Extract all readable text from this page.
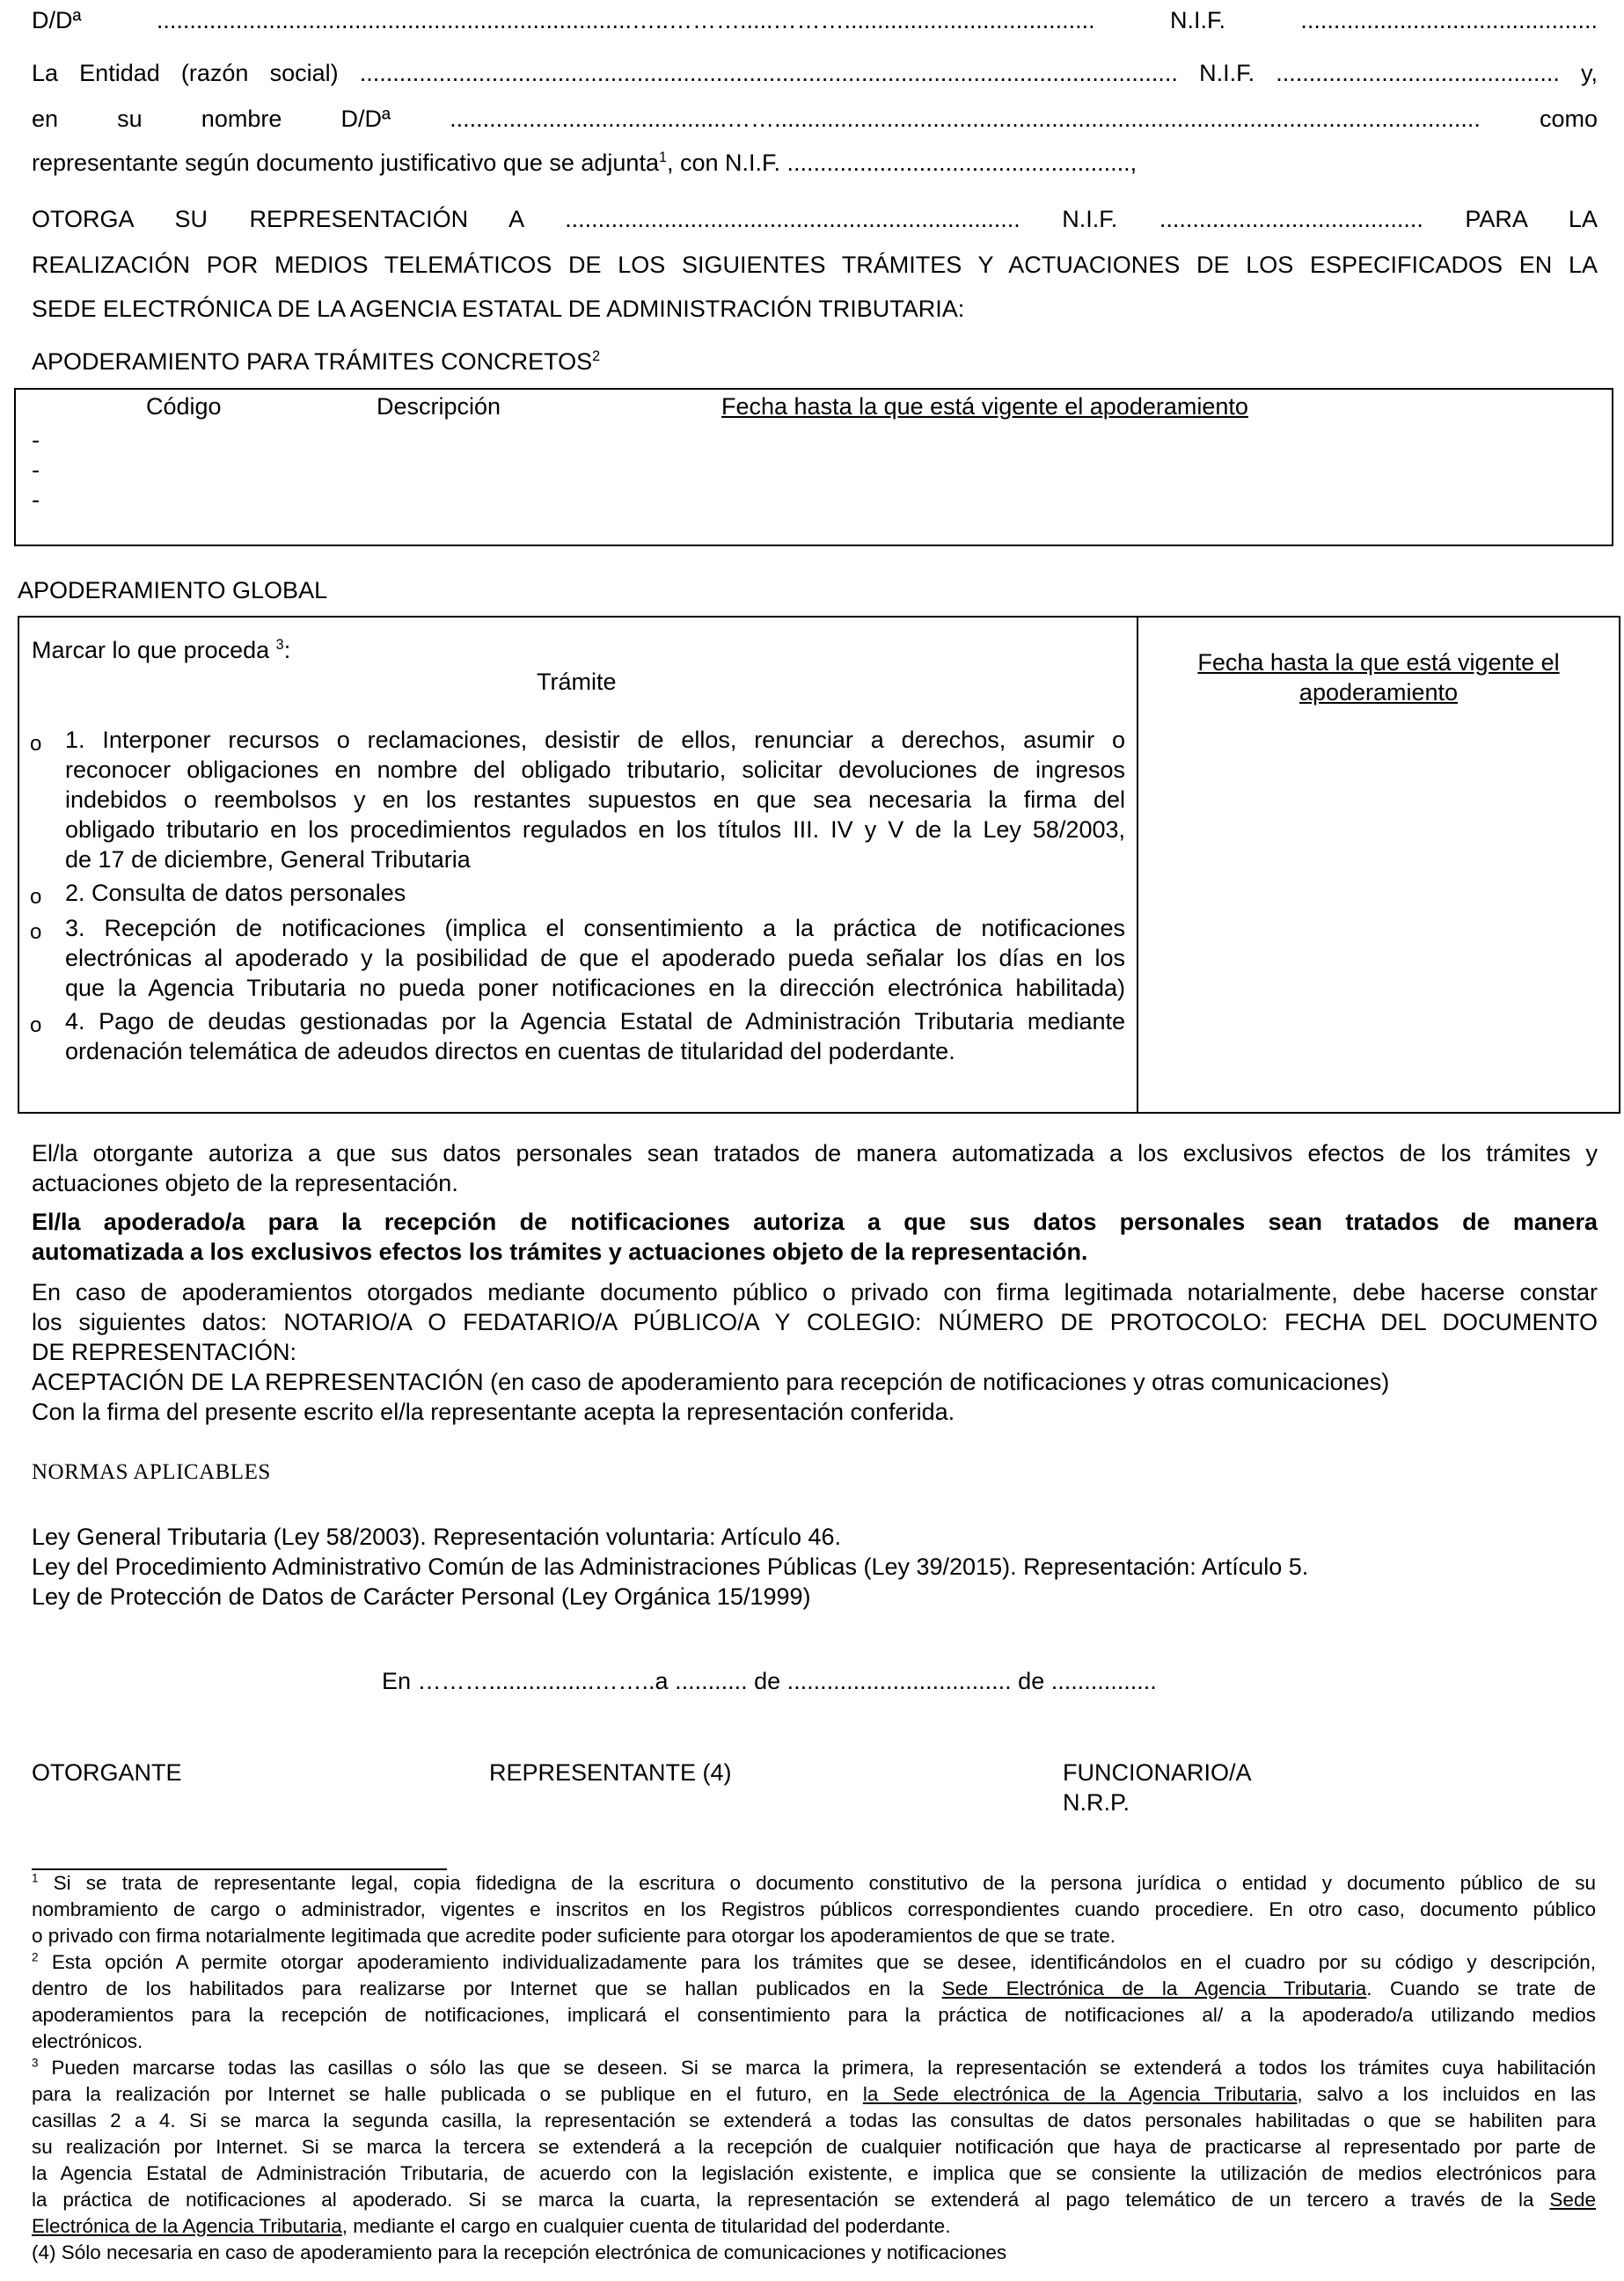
D/Dª	........................................................................…..……….....………......................................	N.I.F.	.............................................
La Entidad (razón social) ............................................................................................................................ N.I.F. ........................................... y,
en su nombre D/Dª ..........................................……........................................................................................................... como
representante según documento justificativo que se adjunta$^1$, con N.I.F. ....................................................,
OTORGA SU REPRESENTACIÓN A ..................................................................... N.I.F. ........................................ PARA LA
REALIZACIÓN POR MEDIOS TELEMÁTICOS DE LOS SIGUIENTES TRÁMITES Y ACTUACIONES DE LOS ESPECIFICADOS EN LA
SEDE ELECTRÓNICA DE LA AGENCIA ESTATAL DE ADMINISTRACIÓN TRIBUTARIA:
APODERAMIENTO PARA TRÁMITES CONCRETOS$^2$
Código	Descripción	Fecha hasta la que está vigente el apoderamiento
-
-
-
APODERAMIENTO GLOBAL
Marcar lo que proceda $^3$:
Trámite
Fecha hasta la que está vigente el
apoderamiento
o 1. Interponer recursos o reclamaciones, desistir de ellos, renunciar a derechos, asumir o
reconocer obligaciones en nombre del obligado tributario, solicitar devoluciones de ingresos
indebidos o reembolsos y en los restantes supuestos en que sea necesaria la firma del
obligado tributario en los procedimientos regulados en los títulos III. IV y V de la Ley 58/2003,
de 17 de diciembre, General Tributaria
o 2. Consulta de datos personales
o 3. Recepción de notificaciones (implica el consentimiento a la práctica de notificaciones
electrónicas al apoderado y la posibilidad de que el apoderado pueda señalar los días en los
que la Agencia Tributaria no pueda poner notificaciones en la dirección electrónica habilitada)
o 4. Pago de deudas gestionadas por la Agencia Estatal de Administración Tributaria mediante
ordenación telemática de adeudos directos en cuentas de titularidad del poderdante.
El/la otorgante autoriza a que sus datos personales sean tratados de manera automatizada a los exclusivos efectos de los trámites y
actuaciones objeto de la representación.
El/la apoderado/a para la recepción de notificaciones autoriza a que sus datos personales sean tratados de manera
automatizada a los exclusivos efectos los trámites y actuaciones objeto de la representación.
En caso de apoderamientos otorgados mediante documento público o privado con firma legitimada notarialmente, debe hacerse constar
los siguientes datos: NOTARIO/A O FEDATARIO/A PÚBLICO/A Y COLEGIO: NÚMERO DE PROTOCOLO: FECHA DEL DOCUMENTO
DE REPRESENTACIÓN:
ACEPTACIÓN DE LA REPRESENTACIÓN (en caso de apoderamiento para recepción de notificaciones y otras comunicaciones)
Con la firma del presente escrito el/la representante acepta la representación conferida.
NORMAS APLICABLES
Ley General Tributaria (Ley 58/2003). Representación voluntaria: Artículo 46.
Ley del Procedimiento Administrativo Común de las Administraciones Públicas (Ley 39/2015). Representación: Artículo 5.
Ley de Protección de Datos de Carácter Personal (Ley Orgánica 15/1999)
En ………................……..a ........... de .................................. de ................
OTORGANTE	REPRESENTANTE (4)	FUNCIONARIO/A
N.R.P.
$^1$ Si se trata de representante legal, copia fidedigna de la escritura o documento constitutivo de la persona jurídica o entidad y documento público de su
nombramiento de cargo o administrador, vigentes e inscritos en los Registros públicos correspondientes cuando procediere. En otro caso, documento público
o privado con firma notarialmente legitimada que acredite poder suficiente para otorgar los apoderamientos de que se trate.
$^2$ Esta opción A permite otorgar apoderamiento individualizadamente para los trámites que se desee, identificándolos en el cuadro por su código y descripción,
dentro de los habilitados para realizarse por Internet que se hallan publicados en la Sede Electrónica de la Agencia Tributaria. Cuando se trate de
apoderamientos para la recepción de notificaciones, implicará el consentimiento para la práctica de notificaciones al/ a la apoderado/a utilizando medios
electrónicos.
$^3$ Pueden marcarse todas las casillas o sólo las que se deseen. Si se marca la primera, la representación se extenderá a todos los trámites cuya habilitación
para la realización por Internet se halle publicada o se publique en el futuro, en la Sede electrónica de la Agencia Tributaria, salvo a los incluidos en las
casillas 2 a 4. Si se marca la segunda casilla, la representación se extenderá a todas las consultas de datos personales habilitadas o que se habiliten para
su realización por Internet. Si se marca la tercera se extenderá a la recepción de cualquier notificación que haya de practicarse al representado por parte de
la Agencia Estatal de Administración Tributaria, de acuerdo con la legislación existente, e implica que se consiente la utilización de medios electrónicos para
la práctica de notificaciones al apoderado. Si se marca la cuarta, la representación se extenderá al pago telemático de un tercero a través de la Sede
Electrónica de la Agencia Tributaria, mediante el cargo en cualquier cuenta de titularidad del poderdante.
(4) Sólo necesaria en caso de apoderamiento para la recepción electrónica de comunicaciones y notificaciones
